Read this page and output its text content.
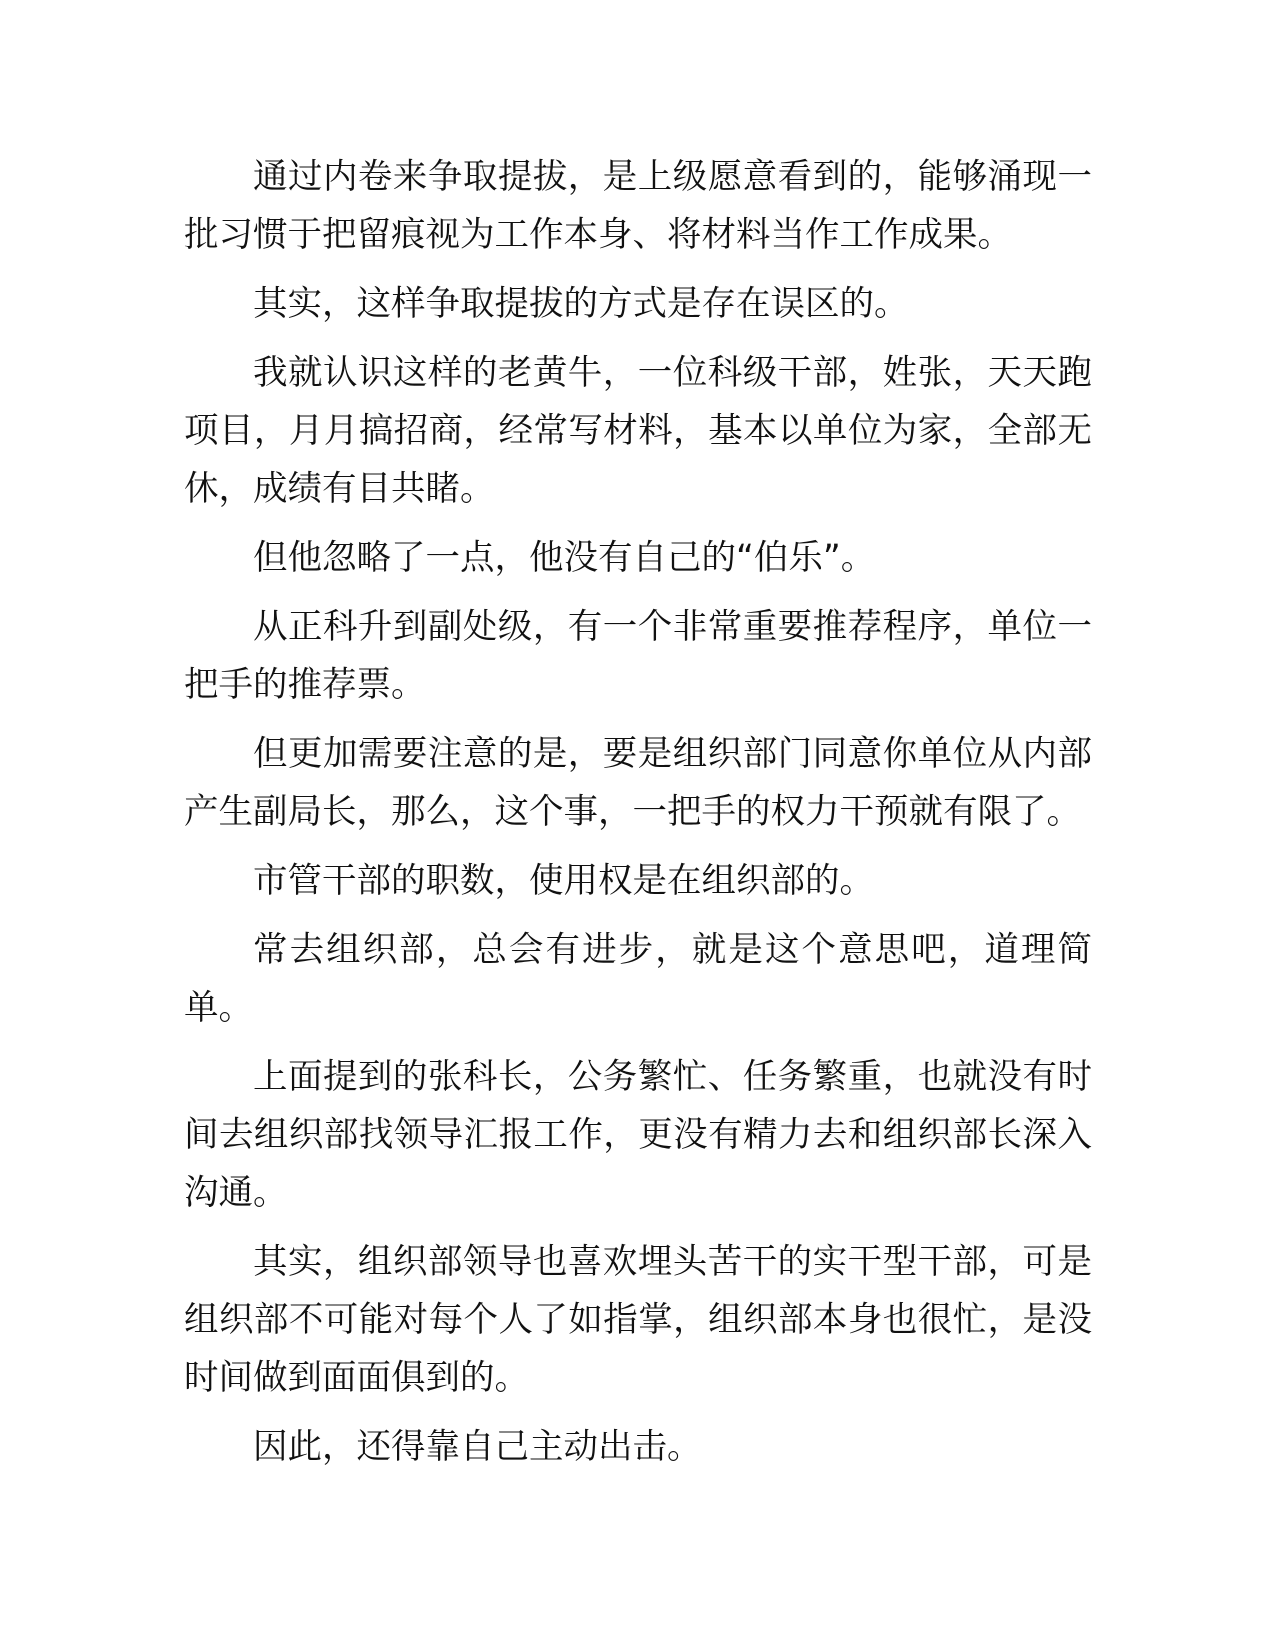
通过内卷来争取提拔，是上级愿意看到的，能够涌现一批习惯于把留痕视为工作本身、将材料当作工作成果。

其实，这样争取提拔的方式是存在误区的。

我就认识这样的老黄牛，一位科级干部，姓张，天天跑项目，月月搞招商，经常写材料，基本以单位为家，全部无休，成绩有目共睹。

但他忽略了一点，他没有自己的“伯乐”。

从正科升到副处级，有一个非常重要推荐程序，单位一把手的推荐票。

但更加需要注意的是，要是组织部门同意你单位从内部产生副局长，那么，这个事，一把手的权力干预就有限了。

市管干部的职数，使用权是在组织部的。

常去组织部，总会有进步，就是这个意思吧，道理简单。

上面提到的张科长，公务繁忙、任务繁重，也就没有时间去组织部找领导汇报工作，更没有精力去和组织部长深入沟通。

其实，组织部领导也喜欢埋头苦干的实干型干部，可是组织部不可能对每个人了如指掌，组织部本身也很忙，是没时间做到面面俱到的。

因此，还得靠自己主动出击。
